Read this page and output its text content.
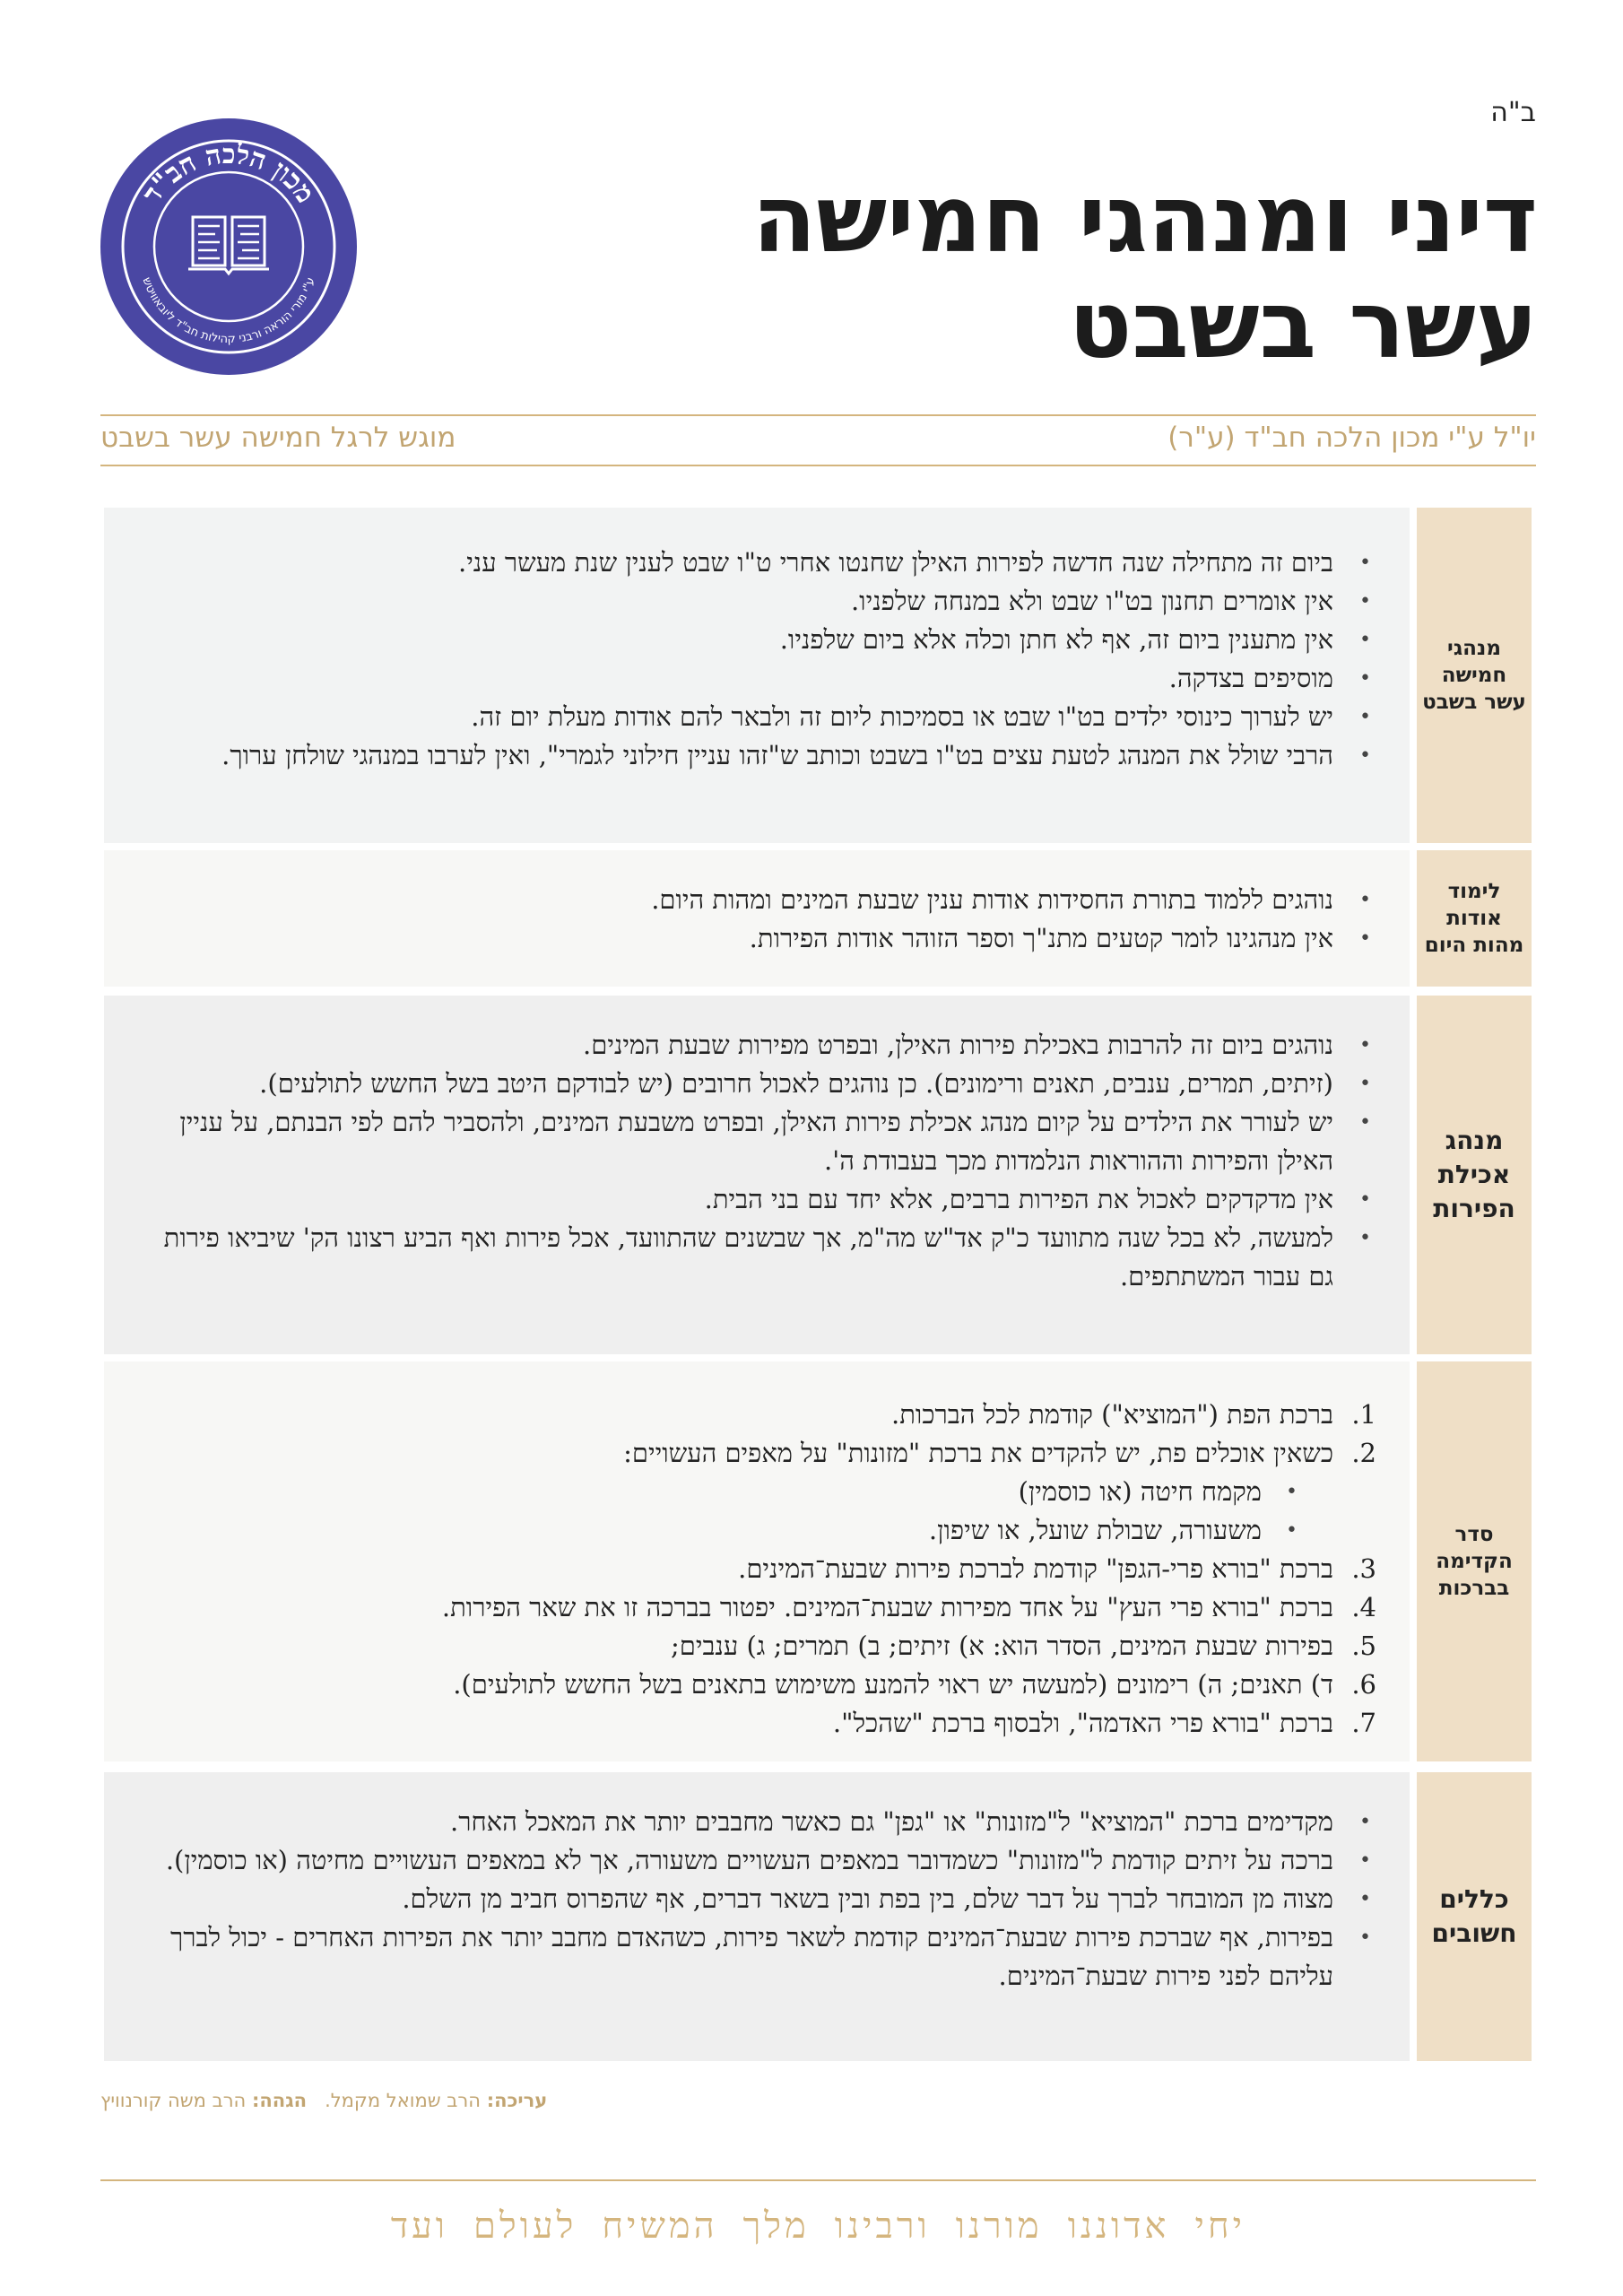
ב"ה
דיני ומנהגי חמישה
עשר בשבט
מכון הלכה חב"ד
ע"י מורי הוראה ורבני קהילות חב"ד ליובאוויטש
יו"ל ע"י מכון הלכה חב"ד (ע"ר)
מוגש לרגל חמישה עשר בשבט
מנהגי
חמישה
עשר בשבט
• ביום זה מתחילה שנה חדשה לפירות האילן שחנטו אחרי ט"ו שבט לענין שנת מעשר עני.
• אין אומרים תחנון בט"ו שבט ולא במנחה שלפניו.
• אין מתענין ביום זה, אף לא חתן וכלה אלא ביום שלפניו.
• מוסיפים בצדקה.
• יש לערוך כינוסי ילדים בט"ו שבט או בסמיכות ליום זה ולבאר להם אודות מעלת יום זה.
• הרבי שולל את המנהג לטעת עצים בט"ו בשבט וכותב ש"זהו עניין חילוני לגמרי", ואין לערבו במנהגי שולחן ערוך.
לימוד
אודות
מהות היום
• נוהגים ללמוד בתורת החסידות אודות ענין שבעת המינים ומהות היום.
• אין מנהגינו לומר קטעים מתנ"ך וספר הזוהר אודות הפירות.
מנהג
אכילת
הפירות
• נוהגים ביום זה להרבות באכילת פירות האילן, ובפרט מפירות שבעת המינים.
• (זיתים, תמרים, ענבים, תאנים ורימונים). כן נוהגים לאכול חרובים (יש לבודקם היטב בשל החשש לתולעים).
• יש לעורר את הילדים על קיום מנהג אכילת פירות האילן, ובפרט משבעת המינים, ולהסביר להם לפי הבנתם, על עניין האילן והפירות וההוראות הנלמדות מכך בעבודת ה'.
• אין מדקדקים לאכול את הפירות ברבים, אלא יחד עם בני הבית.
• למעשה, לא בכל שנה מתוועד כ"ק אד"ש מה"מ, אך שבשנים שהתוועד, אכל פירות ואף הביע רצונו הק' שיביאו פירות גם עבור המשתתפים.
סדר
הקדימה
בברכות
1.
ברכת הפת ("המוציא") קודמת לכל הברכות.
2.
כשאין אוכלים פת, יש להקדים את ברכת "מזונות" על מאפים העשויים:
• מקמח חיטה (או כוסמין)
• משעורה, שבולת שועל, או שיפון.
3.
ברכת "בורא פרי-הגפן" קודמת לברכת פירות שבעת־המינים.
4.
ברכת "בורא פרי העץ" על אחד מפירות שבעת־המינים. יפטור בברכה זו את שאר הפירות.
5.
בפירות שבעת המינים, הסדר הוא: א) זיתים; ב) תמרים; ג) ענבים;
6.
ד) תאנים; ה) רימונים (למעשה יש ראוי להמנע משימוש בתאנים בשל החשש לתולעים).
7.
ברכת "בורא פרי האדמה", ולבסוף ברכת "שהכל".
כללים
חשובים
• מקדימים ברכת "המוציא" ל"מזונות" או "גפן" גם כאשר מחבבים יותר את המאכל האחר.
• ברכה על זיתים קודמת ל"מזונות" כשמדובר במאפים העשויים משעורה, אך לא במאפים העשויים מחיטה (או כוסמין).
• מצוה מן המובחר לברך על דבר שלם, בין בפת ובין בשאר דברים, אף שהפרוס חביב מן השלם.
• בפירות, אף שברכת פירות שבעת־המינים קודמת לשאר פירות, כשהאדם מחבב יותר את הפירות האחרים - יכול לברך עליהם לפני פירות שבעת־המינים.
עריכה: הרב שמואל מקמל.   הגהה: הרב משה קורנוויץ
יחי אדוננו מורנו ורבינו מלך המשיח לעולם ועד
